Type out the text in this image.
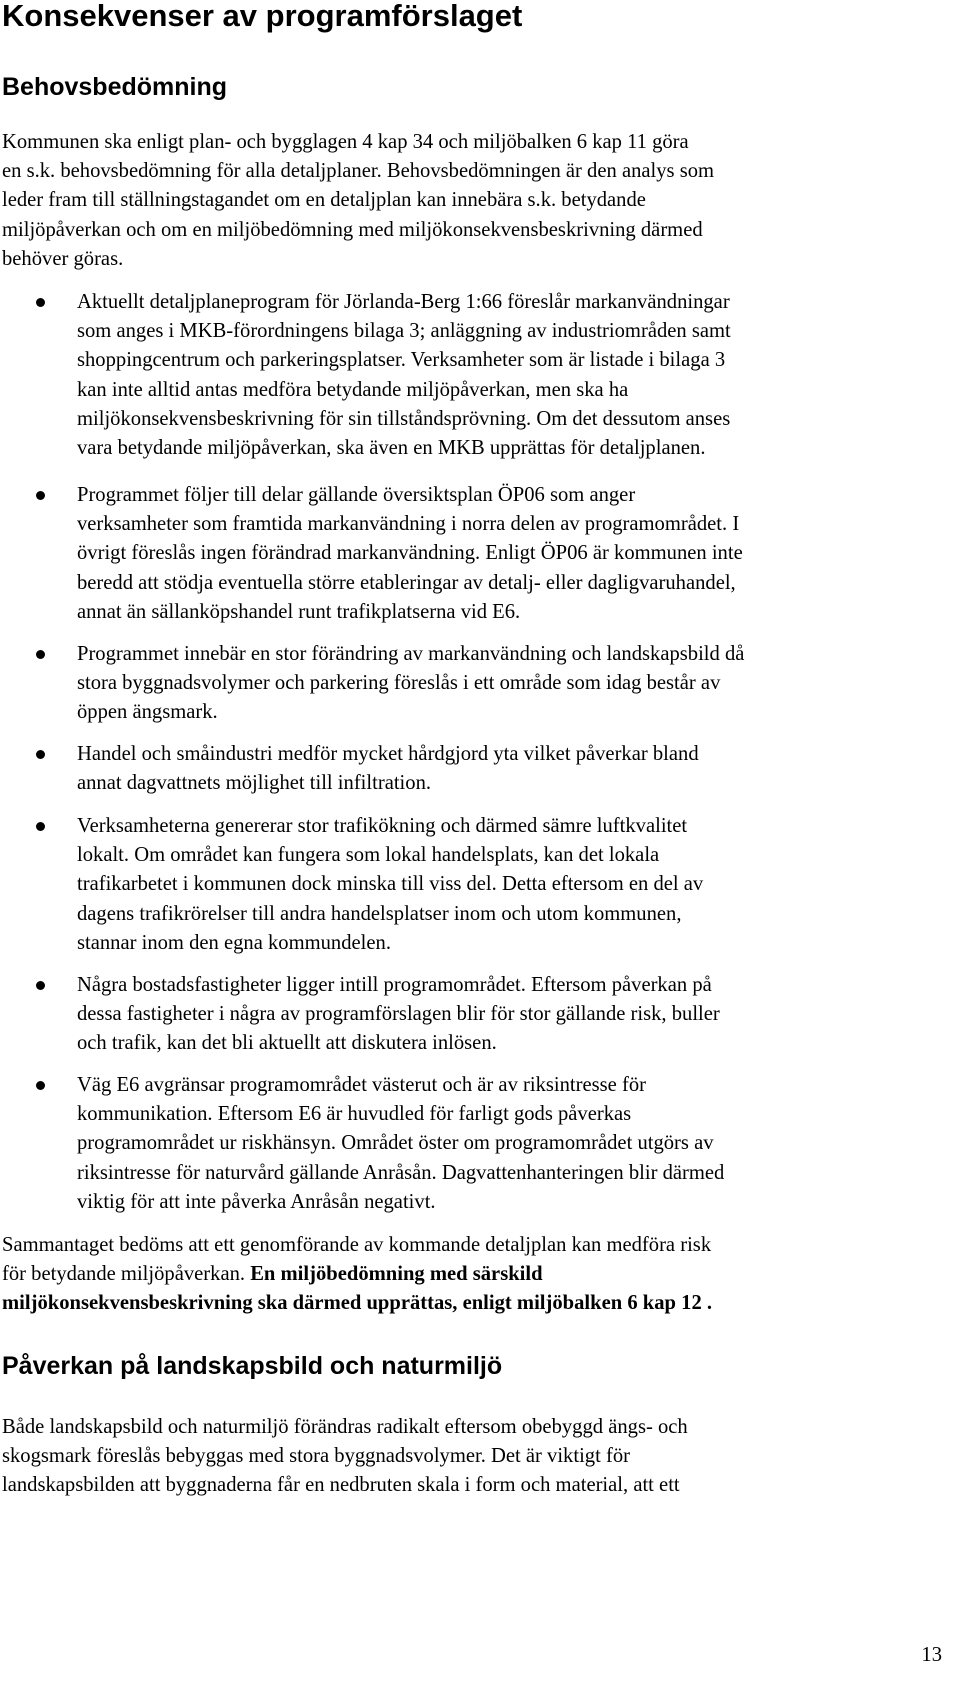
Konsekvenser av programförslaget
Behovsbedömning

Kommunen ska enligt plan- och bygglagen 4 kap 34 och miljöbalken 6 kap 11 göra
en s.k. behovsbedömning för alla detaljplaner. Behovsbedömningen är den analys som
leder fram till ställningstagandet om en detaljplan kan innebära s.k. betydande
miljöpåverkan och om en miljöbedömning med miljökonsekvensbeskrivning därmed
behöver göras.

Aktuellt detaljplaneprogram för Jörlanda-Berg 1:66 föreslår markanvändningar
som anges i MKB-förordningens bilaga 3; anläggning av industriområden samt
shoppingcentrum och parkeringsplatser. Verksamheter som är listade i bilaga 3
kan inte alltid antas medföra betydande miljöpåverkan, men ska ha
miljökonsekvensbeskrivning för sin tillståndsprövning. Om det dessutom anses
vara betydande miljöpåverkan, ska även en MKB upprättas för detaljplanen.
Programmet följer till delar gällande översiktsplan ÖP06 som anger
verksamheter som framtida markanvändning i norra delen av programområdet. I
övrigt föreslås ingen förändrad markanvändning. Enligt ÖP06 är kommunen inte
beredd att stödja eventuella större etableringar av detalj- eller dagligvaruhandel,
annat än sällanköpshandel runt trafikplatserna vid E6.
Programmet innebär en stor förändring av markanvändning och landskapsbild då
stora byggnadsvolymer och parkering föreslås i ett område som idag består av
öppen ängsmark.
Handel och småindustri medför mycket hårdgjord yta vilket påverkar bland
annat dagvattnets möjlighet till infiltration.
Verksamheterna genererar stor trafikökning och därmed sämre luftkvalitet
lokalt. Om området kan fungera som lokal handelsplats, kan det lokala
trafikarbetet i kommunen dock minska till viss del. Detta eftersom en del av
dagens trafikrörelser till andra handelsplatser inom och utom kommunen,
stannar inom den egna kommundelen.
Några bostadsfastigheter ligger intill programområdet. Eftersom påverkan på
dessa fastigheter i några av programförslagen blir för stor gällande risk, buller
och trafik, kan det bli aktuellt att diskutera inlösen.
Väg E6 avgränsar programområdet västerut och är av riksintresse för
kommunikation. Eftersom E6 är huvudled för farligt gods påverkas
programområdet ur riskhänsyn. Området öster om programområdet utgörs av
riksintresse för naturvård gällande Anråsån. Dagvattenhanteringen blir därmed
viktig för att inte påverka Anråsån negativt.

Sammantaget bedöms att ett genomförande av kommande detaljplan kan medföra risk
för betydande miljöpåverkan. En miljöbedömning med särskild
miljökonsekvensbeskrivning ska därmed upprättas, enligt miljöbalken 6 kap 12 .

Påverkan på landskapsbild och naturmiljö

Både landskapsbild och naturmiljö förändras radikalt eftersom obebyggd ängs- och
skogsmark föreslås bebyggas med stora byggnadsvolymer. Det är viktigt för
landskapsbilden att byggnaderna får en nedbruten skala i form och material, att ett

13
